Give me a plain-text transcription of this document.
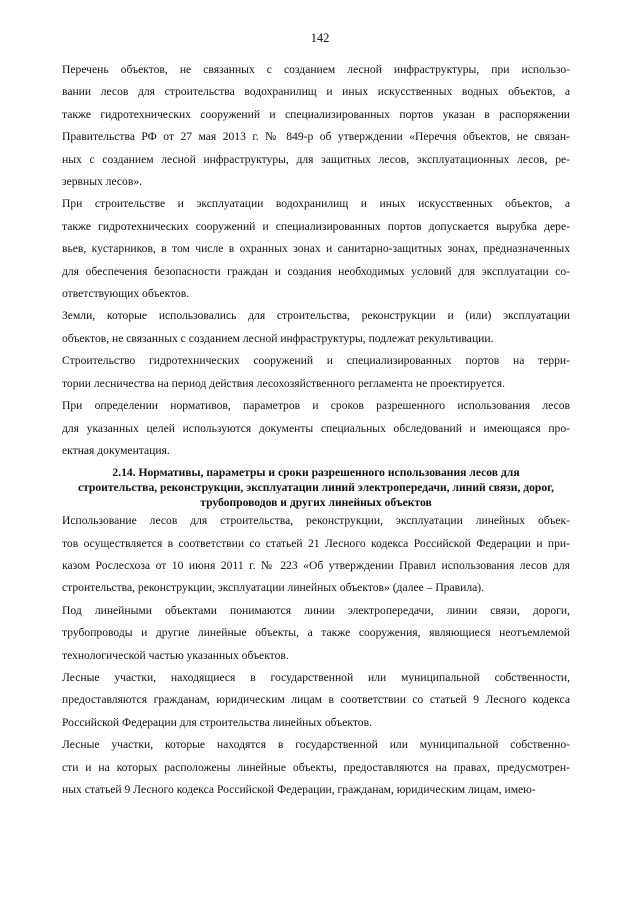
142
Перечень объектов, не связанных с созданием лесной инфраструктуры, при использо-
вании лесов для строительства водохранилищ и иных искусственных водных объектов, а
также гидротехнических сооружений и специализированных портов указан в распоряжении
Правительства РФ от 27 мая 2013 г. № 849-р об утверждении «Перечня объектов, не связан-
ных с созданием лесной инфраструктуры, для защитных лесов, эксплуатационных лесов, ре-
зервных лесов».
При строительстве и эксплуатации водохранилищ и иных искусственных объектов, а
также гидротехнических сооружений и специализированных портов допускается вырубка дере-
вьев, кустарников, в том числе в охранных зонах и санитарно-защитных зонах, предназначенных
для обеспечения безопасности граждан и создания необходимых условий для эксплуатации со-
ответствующих объектов.
Земли, которые использовались для строительства, реконструкции и (или) эксплуатации
объектов, не связанных с созданием лесной инфраструктуры, подлежат рекультивации.
Строительство гидротехнических сооружений и специализированных портов на терри-
тории лесничества на период действия лесохозяйственного регламента не проектируется.
При определении нормативов, параметров и сроков разрешенного использования лесов
для указанных целей используются документы специальных обследований и имеющаяся про-
ектная документация.
2.14. Нормативы, параметры и сроки разрешенного использования лесов для
строительства, реконструкции, эксплуатации линий электропередачи, линий связи, дорог,
трубопроводов и других линейных объектов
Использование лесов для строительства, реконструкции, эксплуатации линейных объек-
тов осуществляется в соответствии со статьей 21 Лесного кодекса Российской Федерации и при-
казом Рослесхоза от 10 июня 2011 г. № 223 «Об утверждении Правил использования лесов для
строительства, реконструкции, эксплуатации линейных объектов» (далее – Правила).
Под линейными объектами понимаются линии электропередачи, линии связи, дороги,
трубопроводы и другие линейные объекты, а также сооружения, являющиеся неотъемлемой
технологической частью указанных объектов.
Лесные участки, находящиеся в государственной или муниципальной собственности,
предоставляются гражданам, юридическим лицам в соответствии со статьей 9 Лесного кодекса
Российской Федерации для строительства линейных объектов.
Лесные участки, которые находятся в государственной или муниципальной собственно-
сти и на которых расположены линейные объекты, предоставляются на правах, предусмотрен-
ных статьей 9 Лесного кодекса Российской Федерации, гражданам, юридическим лицам, имею-
